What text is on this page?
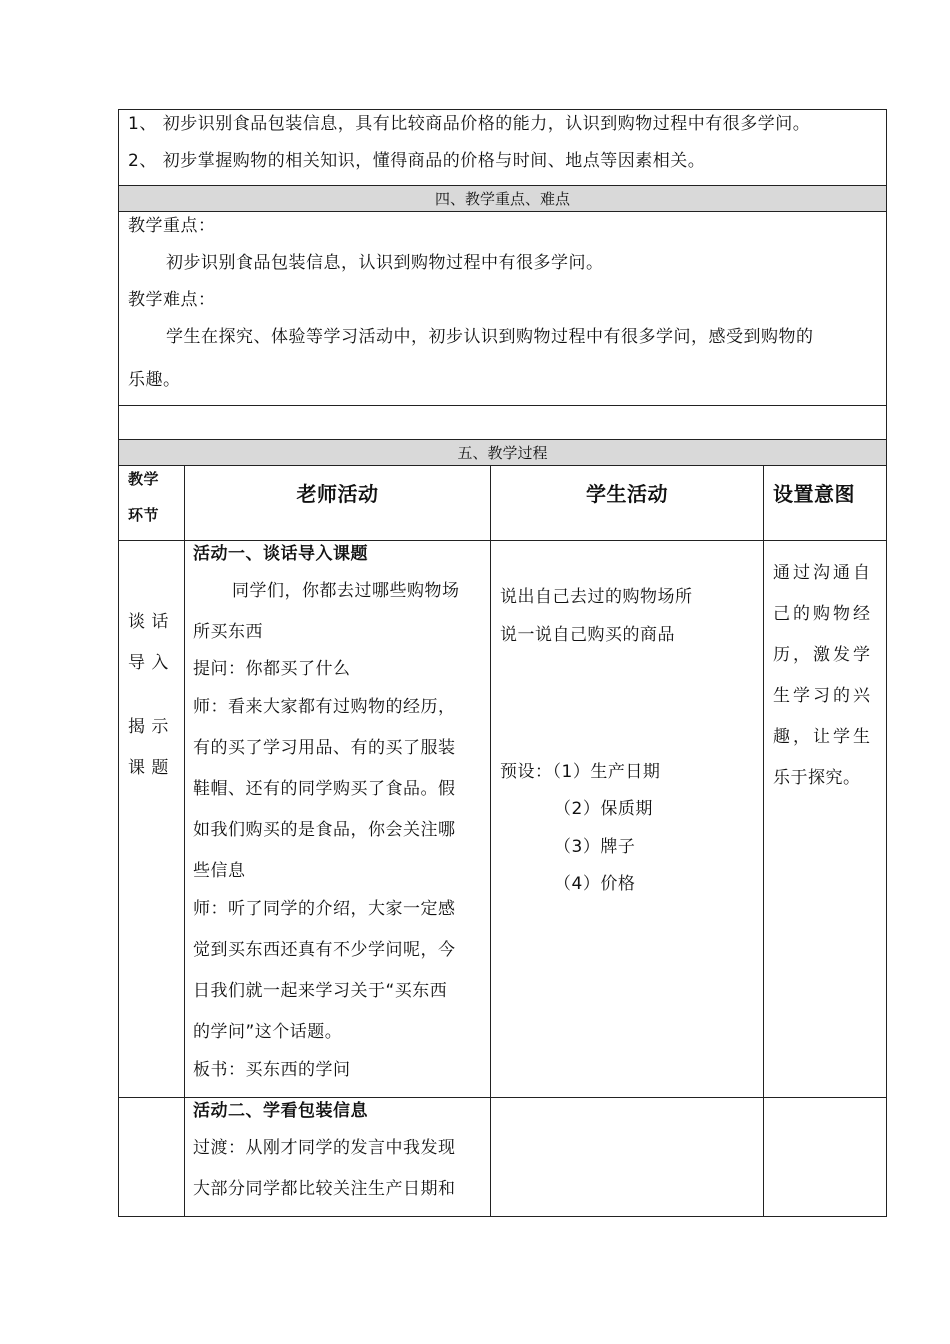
1、 初步识别食品包装信息，具有比较商品价格的能力，认识到购物过程中有很多学问。
2、 初步掌握购物的相关知识，懂得商品的价格与时间、地点等因素相关。
四、教学重点、难点
教学重点：
初步识别食品包装信息，认识到购物过程中有很多学问。
教学难点：
学生在探究、体验等学习活动中，初步认识到购物过程中有很多学问，感受到购物的
乐趣。
五、教学过程
教学
环节
老师活动	学生活动	设置意图
谈 话
导 入
揭 示
课 题
活动一、谈话导入课题
同学们，你都去过哪些购物场
所买东西
提问：你都买了什么
师：看来大家都有过购物的经历，
有的买了学习用品、有的买了服装
鞋帽、还有的同学购买了食品。假
如我们购买的是食品，你会关注哪
些信息
师：听了同学的介绍，大家一定感
觉到买东西还真有不少学问呢，今
日我们就一起来学习关于“买东西
的学问”这个话题。
板书：买东西的学问
说出自己去过的购物场所
说一说自己购买的商品
预设：（1）生产日期
（2）保质期
（3）牌子
（4）价格
通过沟通自
己的购物经
历，激发学
生学习的兴
趣，让学生
乐于探究。
活动二、学看包装信息
过渡：从刚才同学的发言中我发现
大部分同学都比较关注生产日期和
